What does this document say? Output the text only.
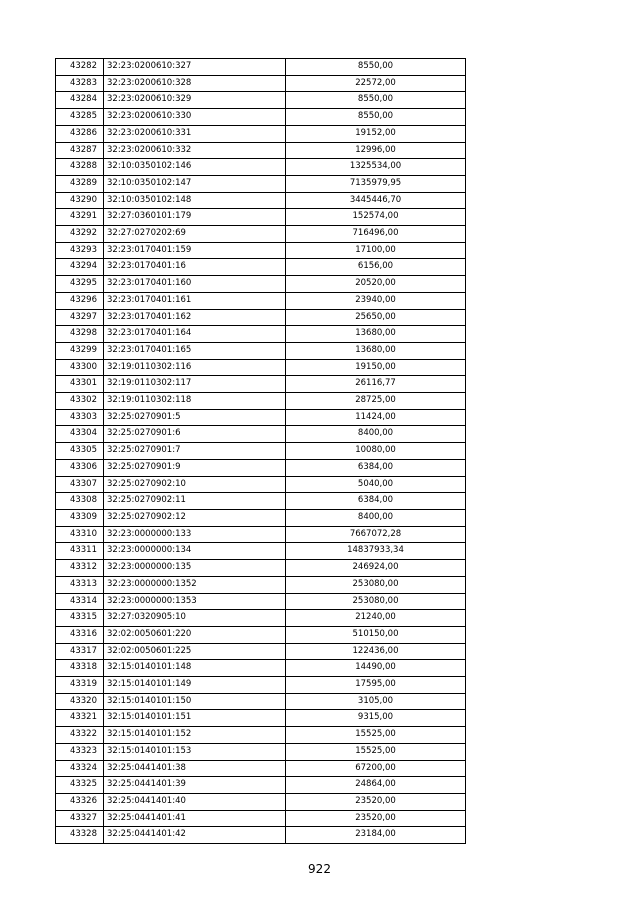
43282	32:23:0200610:327	8550,00
43283	32:23:0200610:328	22572,00
43284	32:23:0200610:329	8550,00
43285	32:23:0200610:330	8550,00
43286	32:23:0200610:331	19152,00
43287	32:23:0200610:332	12996,00
43288	32:10:0350102:146	1325534,00
43289	32:10:0350102:147	7135979,95
43290	32:10:0350102:148	3445446,70
43291	32:27:0360101:179	152574,00
43292	32:27:0270202:69	716496,00
43293	32:23:0170401:159	17100,00
43294	32:23:0170401:16	6156,00
43295	32:23:0170401:160	20520,00
43296	32:23:0170401:161	23940,00
43297	32:23:0170401:162	25650,00
43298	32:23:0170401:164	13680,00
43299	32:23:0170401:165	13680,00
43300	32:19:0110302:116	19150,00
43301	32:19:0110302:117	26116,77
43302	32:19:0110302:118	28725,00
43303	32:25:0270901:5	11424,00
43304	32:25:0270901:6	8400,00
43305	32:25:0270901:7	10080,00
43306	32:25:0270901:9	6384,00
43307	32:25:0270902:10	5040,00
43308	32:25:0270902:11	6384,00
43309	32:25:0270902:12	8400,00
43310	32:23:0000000:133	7667072,28
43311	32:23:0000000:134	14837933,34
43312	32:23:0000000:135	246924,00
43313	32:23:0000000:1352	253080,00
43314	32:23:0000000:1353	253080,00
43315	32:27:0320905:10	21240,00
43316	32:02:0050601:220	510150,00
43317	32:02:0050601:225	122436,00
43318	32:15:0140101:148	14490,00
43319	32:15:0140101:149	17595,00
43320	32:15:0140101:150	3105,00
43321	32:15:0140101:151	9315,00
43322	32:15:0140101:152	15525,00
43323	32:15:0140101:153	15525,00
43324	32:25:0441401:38	67200,00
43325	32:25:0441401:39	24864,00
43326	32:25:0441401:40	23520,00
43327	32:25:0441401:41	23520,00
43328	32:25:0441401:42	23184,00
922
